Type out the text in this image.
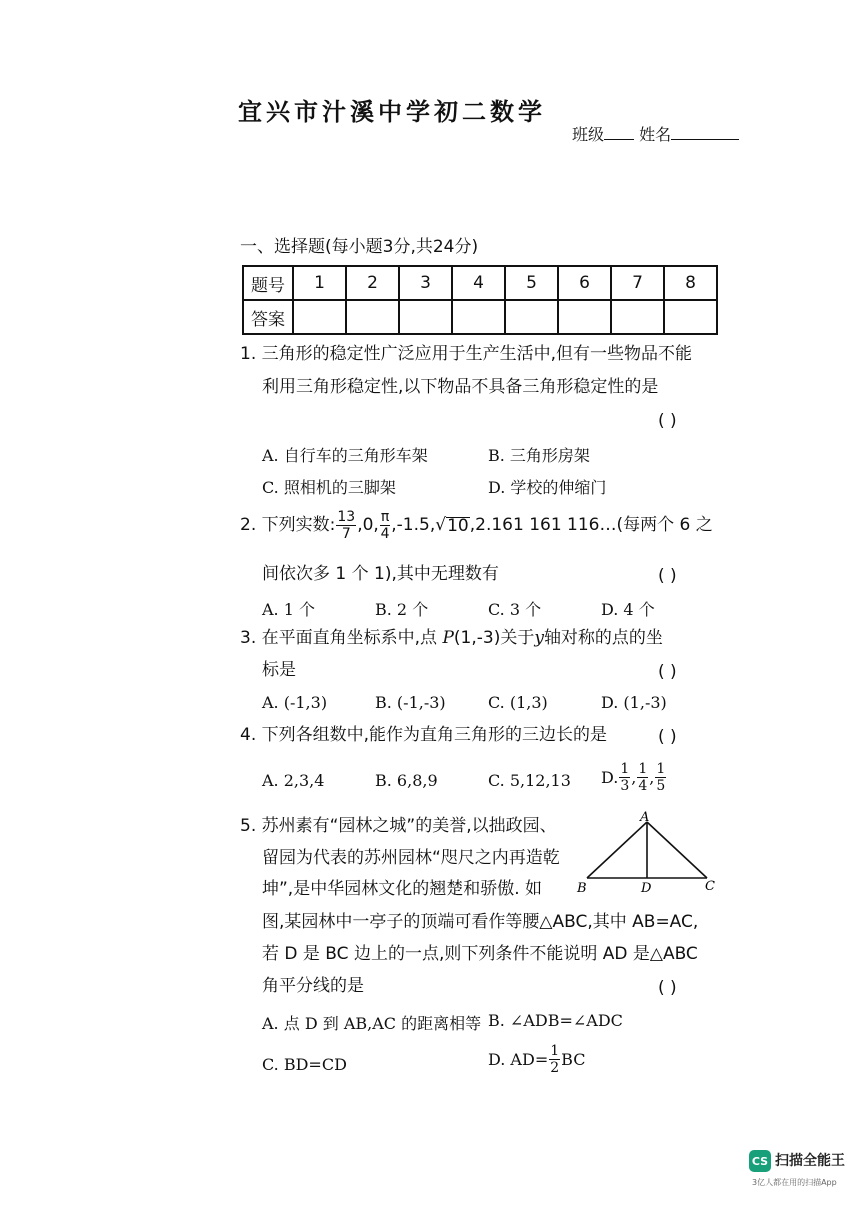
宜兴市汁溪中学初二数学
班级 姓名
一、选择题(每小题3分,共24分)
题号	1	2	3	4	5	6	7	8
答案								
1. 三角形的稳定性广泛应用于生产生活中,但有一些物品不能
利用三角形稳定性,以下物品不具备三角形稳定性的是
( )
A. 自行车的三角形车架	B. 三角形房架
C. 照相机的三脚架	D. 学校的伸缩门
2. 下列实数: $\frac{13}{7} ,0$, $\frac{\pi}{4} ,-1.5$, √ 10 ,2.161 161 116…(每两个 6 之
间依次多 1 个 1),其中无理数有	( )
A. 1 个	B. 2 个	C. 3 个	D. 4 个
3. 在平面直角坐标系中,点 P(1,-3)关于y轴对称的点的坐
标是	( )
A. (-1,3)	B. (-1,-3)	C. (1,3)	D. (1,-3)
4. 下列各组数中,能作为直角三角形的三边长的是	( )
A. 2,3,4	B. 6,8,9	C. 5,12,13 D. $\frac{1}{3}$ , $\frac{1}{4}$ , $\frac{1}{5}$
5. 苏州素有“园林之城”的美誉,以拙政园、
留园为代表的苏州园林“咫尺之内再造乾
坤”,是中华园林文化的翘楚和骄傲. 如
图,某园林中一亭子的顶端可看作等腰△ABC,其中 AB=AC,
若 D 是 BC 边上的一点,则下列条件不能说明 AD 是△ABC
角平分线的是	( )
A
B	D	C
A. 点 D 到 AB,AC 的距离相等 B. ∠ADB=∠ADC
C. BD=CD	D. $AD= \frac{1}{2}$ BC
CS 扫描全能王
3亿人都在用的扫描App
